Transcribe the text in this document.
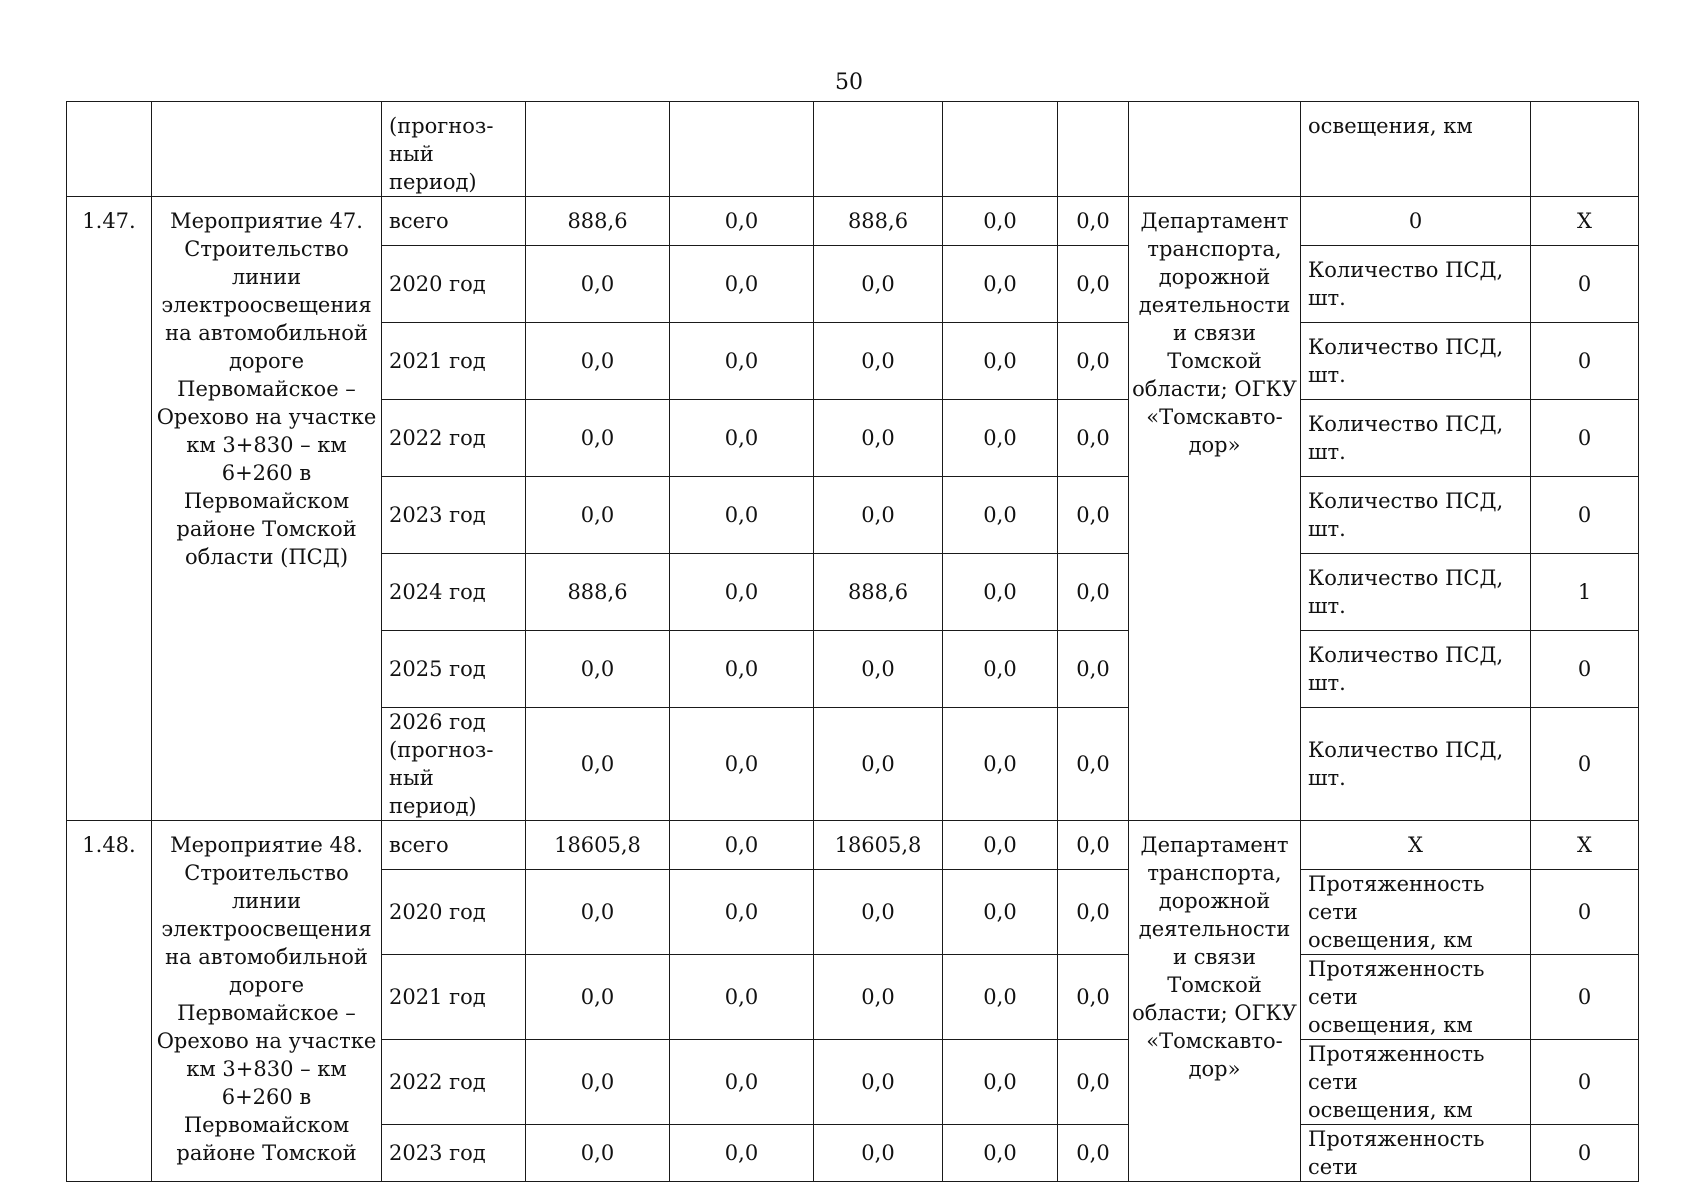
50

		(прогноз-
ный период)							освещения, км	
1.47.	Мероприятие 47. Строительство линии электроосвещения на автомобильной дороге Первомайское – Орехово на участке км 3+830 – км 6+260 в Первомайском районе Томской области (ПСД)	всего	888,6	0,0	888,6	0,0	0,0	Департамент транспорта, дорожной деятельности и связи Томской области; ОГКУ «Томскавто-дор»	0	X

		2020 год	0,0	0,0	0,0	0,0	0,0		Количество ПСД,
шт.	0

		2021 год	0,0	0,0	0,0	0,0	0,0		Количество ПСД,
шт.	0

		2022 год	0,0	0,0	0,0	0,0	0,0		Количество ПСД,
шт.	0

		2023 год	0,0	0,0	0,0	0,0	0,0		Количество ПСД,
шт.	0

		2024 год	888,6	0,0	888,6	0,0	0,0		Количество ПСД,
шт.	1

		2025 год	0,0	0,0	0,0	0,0	0,0		Количество ПСД,
шт.	0

		2026 год
(прогноз-
ный период)	0,0	0,0	0,0	0,0	0,0		Количество ПСД,
шт.	0
1.48.	Мероприятие 48. Строительство линии электроосвещения на автомобильной дороге Первомайское – Орехово на участке км 3+830 – км 6+260 в Первомайском районе Томской	всего	18605,8	0,0	18605,8	0,0	0,0	Департамент транспорта, дорожной деятельности и связи Томской области; ОГКУ «Томскавто-дор»	X	X

		2020 год	0,0	0,0	0,0	0,0	0,0		Протяженность сети
освещения, км	0

		2021 год	0,0	0,0	0,0	0,0	0,0		Протяженность сети
освещения, км	0

		2022 год	0,0	0,0	0,0	0,0	0,0		Протяженность сети
освещения, км	0

		2023 год	0,0	0,0	0,0	0,0	0,0		Протяженность сети	0
